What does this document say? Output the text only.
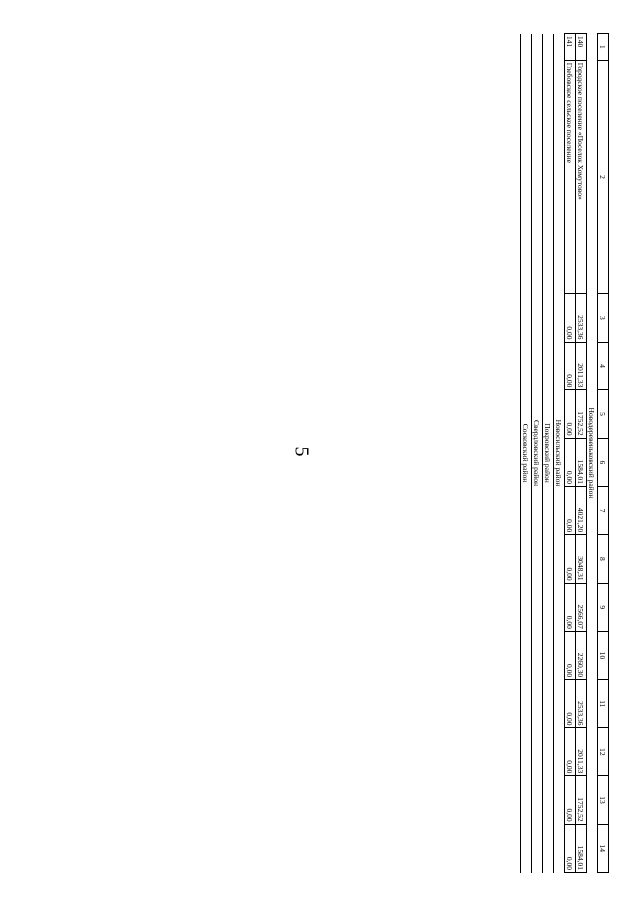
5
1	2	3	4	5	6	7	8	9	10	11	12	13	14
Новодеревеньковский район													
140	Городское поселение «Поселок Хомутово»	2533,36	2011,33	1752,52	1584,01	4021,20	3048,31	2566,07	2260,30	2533,36	2011,33	1752,52	1584,01
141	Глебовское сельское поселение	0,00	0,00	0,00	0,00	0,00	0,00	0,00	0,00	0,00	0,00	0,00	0,00
Новосильский район													
Покровский район													
Свердловский район													
Сосковский район													
